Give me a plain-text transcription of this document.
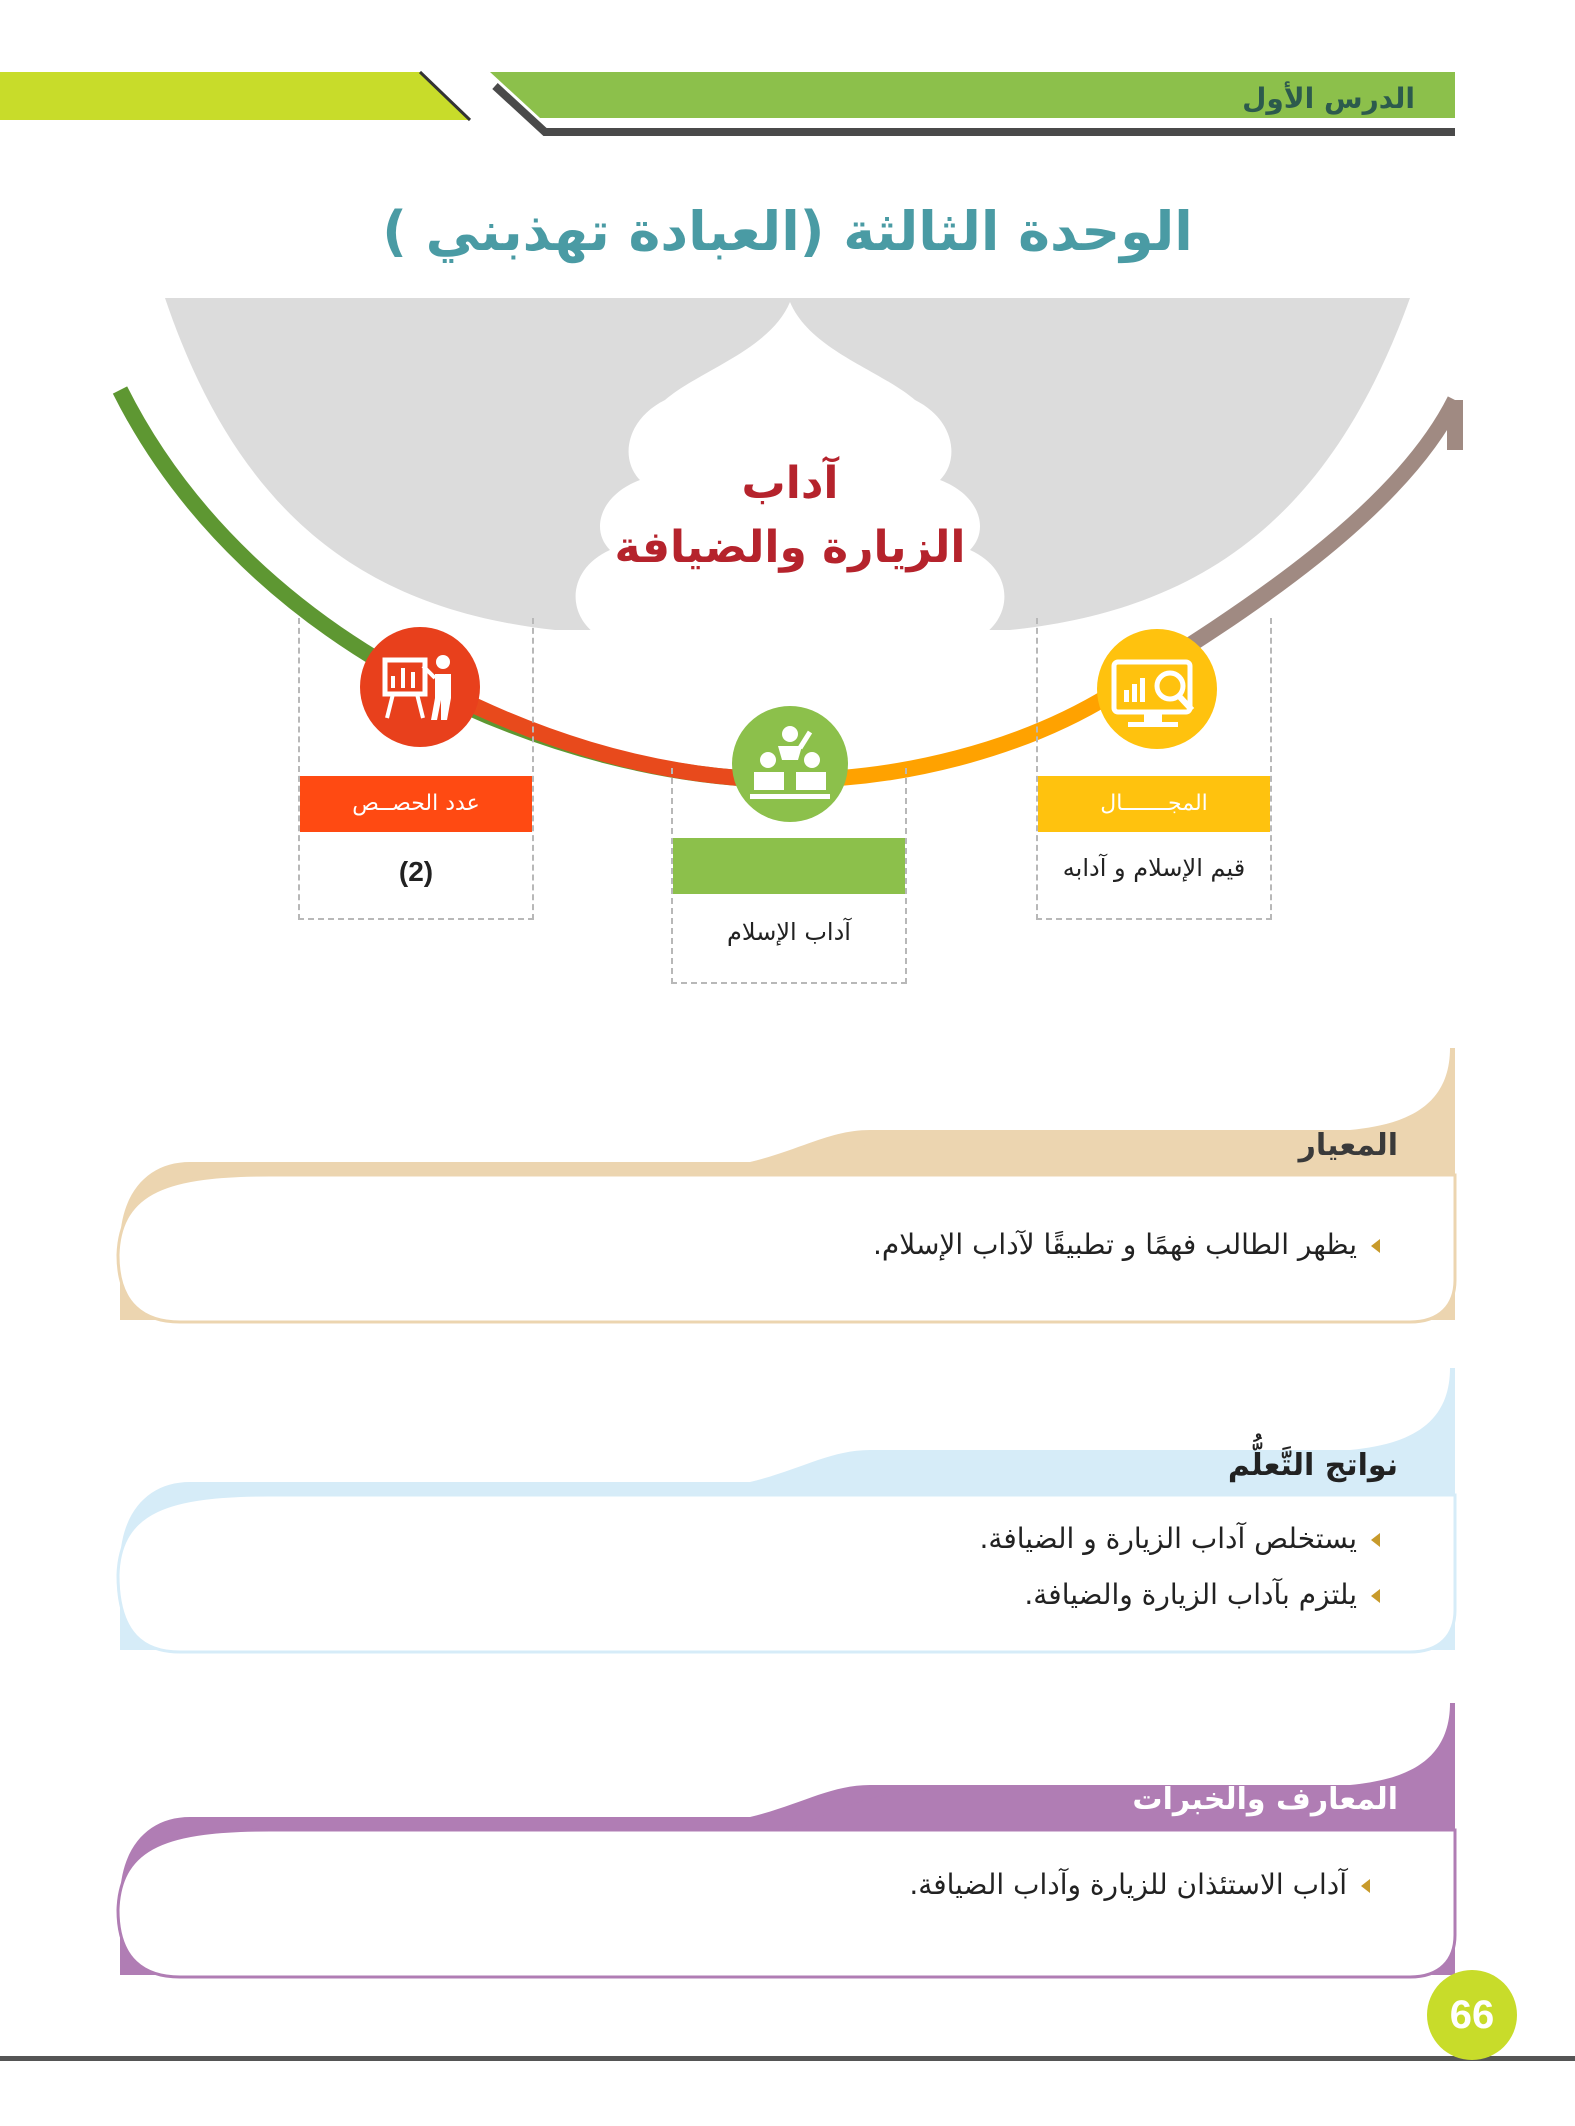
الدرس الأول
الوحدة الثالثة (العبادة تهذبني )
آداب
الزيارة والضيافة
عدد الحصــص
(2)
آداب الإسلام
المجـــــــال
قيم الإسلام و آدابه
المعيار
يظهر الطالب فهمًا و تطبيقًا لآداب الإسلام.
نواتج التَّعلُّم
يستخلص آداب الزيارة و الضيافة.
يلتزم بآداب الزيارة والضيافة.
المعارف والخبرات
آداب الاستئذان للزيارة وآداب الضيافة.
66
